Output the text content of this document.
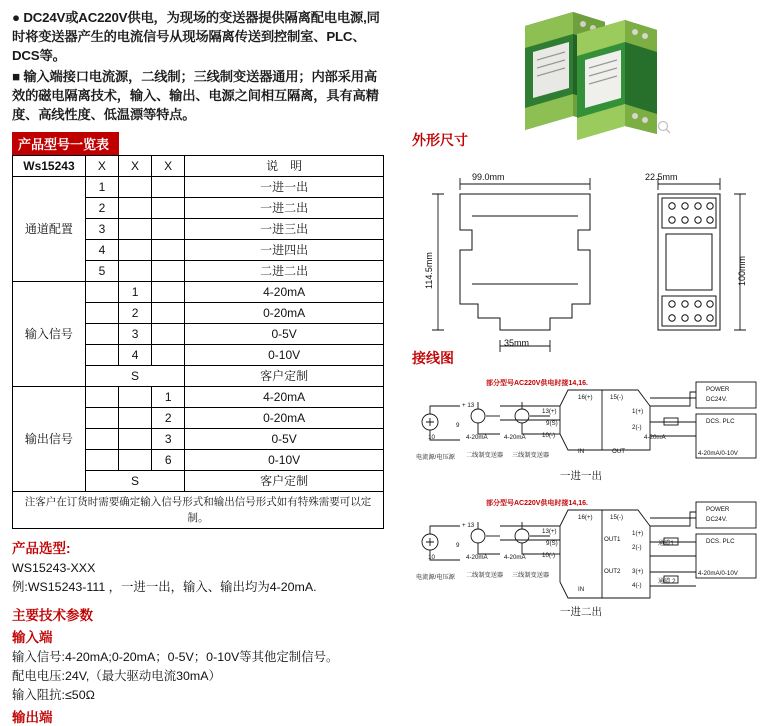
● DC24V或AC220V供电，为现场的变送器提供隔离配电电源,同时将变送器产生的电流信号从现场隔离传送到控制室、PLC、DCS等。

■ 输入端接口电流源，二线制；三线制变送器通用；内部采用高效的磁电隔离技术，输入、输出、电源之间相互隔离，具有高精度、高线性度、低温漂等特点。

产品型号一览表
Ws15243	X	X	X	说　明
通道配置	1			一进一出
	2			一进二出
	3			一进三出
	4			一进四出
	5			二进二出
输入信号		1		4-20mA
		2		0-20mA
		3		0-5V
		4		0-10V
	S			客户定制
输出信号			1	4-20mA
			2	0-20mA
			3	0-5V
			6	0-10V
	S			客户定制
注客户在订货时需要确定输入信号形式和输出信号形式如有特殊需要可以定制。				
产品选型:
WS15243-XXX
例:WS15243-111 ，一进一出，输入、输出均为4-20mA.
主要技术参数
输入端
输入信号:4-20mA;0-20mA；0-5V；0-10V等其他定制信号。
配电电压:24V,（最大驱动电流30mA）
输入阻抗:≤50Ω
输出端
外形尺寸
99.0mm	22.5mm
114.5mm	100mm
35mm
接线图
部分型号AC220V供电时接14,16.
POWER
DC24V.
DCS. PLC
4-20mA/0-10V
16(+)	15(-)
1(+)
2(-)
13(+)
9(S)
10(-)
IN	OUT
4-20mA
电流源/电压源 二线制变送器 三线制变送器
+ 13
9
10	4-20mA	4-20mA
一进一出
部分型号AC220V供电时接14,16.
POWER
DC24V.
DCS. PLC
4-20mA/0-10V
16(+)	15(-)
1(+)
2(-)
3(+)
4(-)
13(+)
9(S)
10(-)
IN
OUT1
OUT2
通道1
通道 2
电流源/电压源 二线制变送器 三线制变送器
+ 13
9
10	4-20mA	4-20mA
一进二出
